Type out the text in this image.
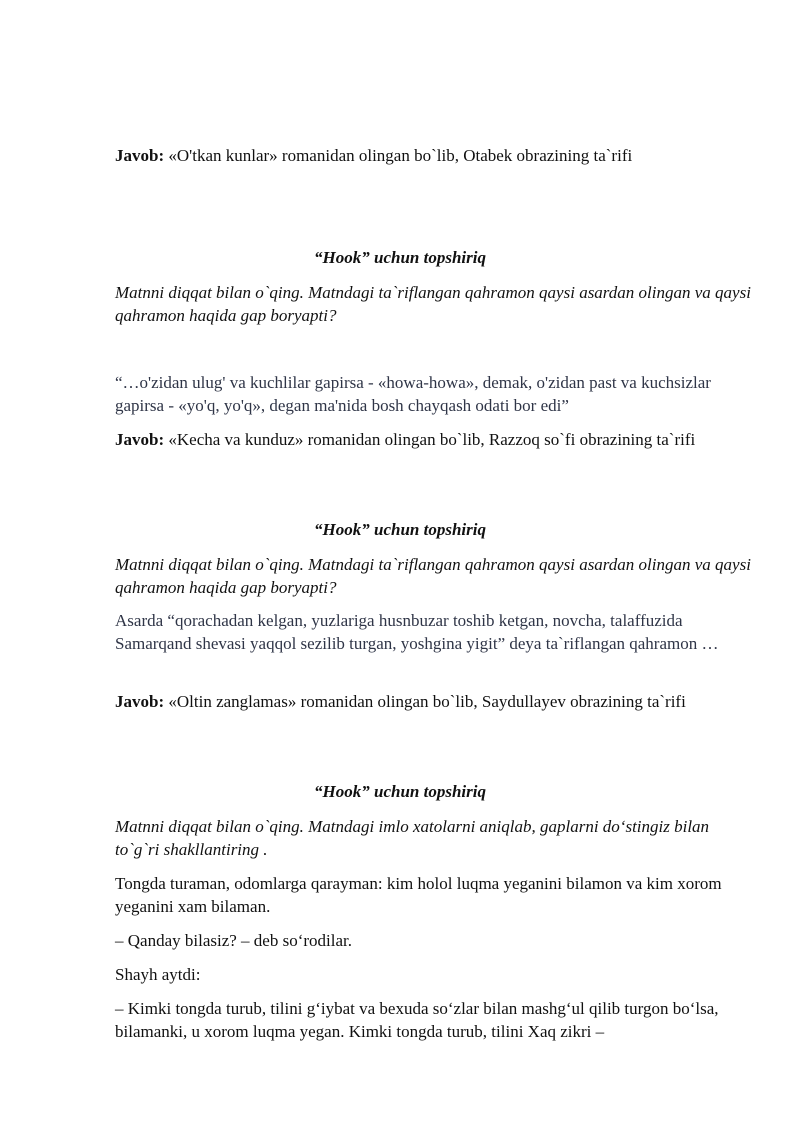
Javob: «O'tkan kunlar» romanidan olingan bo`lib, Otabek obrazining ta`rifi

“Hook” uchun topshiriq

Matnni diqqat bilan o`qing. Matndagi ta`riflangan qahramon qaysi asardan olingan va qaysi qahramon haqida gap boryapti?

“…o'zidan ulug' va kuchlilar gapirsa - «howa-howa», demak, o'zidan past va kuchsizlar gapirsa - «yo'q, yo'q», degan ma'nida bosh chayqash odati bor edi”

Javob: «Kecha va kunduz» romanidan olingan bo`lib, Razzoq so`fi obrazining ta`rifi

“Hook” uchun topshiriq

Matnni diqqat bilan o`qing. Matndagi ta`riflangan qahramon qaysi asardan olingan va qaysi qahramon haqida gap boryapti?

Asarda “qorachadan kelgan, yuzlariga husnbuzar toshib ketgan, novcha, talaffuzida Samarqand shevasi yaqqol sezilib turgan, yoshgina yigit” deya ta`riflangan qahramon …

Javob: «Oltin zanglamas» romanidan olingan bo`lib, Saydullayev obrazining ta`rifi

“Hook” uchun topshiriq

Matnni diqqat bilan o`qing. Matndagi imlo xatolarni aniqlab, gaplarni do‘stingiz bilan to`g`ri shakllantiring .

Tongda turaman, odomlarga qarayman: kim holol luqma yeganini bilamon va kim xorom yeganini xam bilaman.

– Qanday bilasiz? – deb so‘rodilar.

Shayh aytdi:

– Kimki tongda turub, tilini g‘iybat va bexuda so‘zlar bilan mashg‘ul qilib turgon bo‘lsa, bilamanki, u xorom luqma yegan. Kimki tongda turub, tilini Xaq zikri –
